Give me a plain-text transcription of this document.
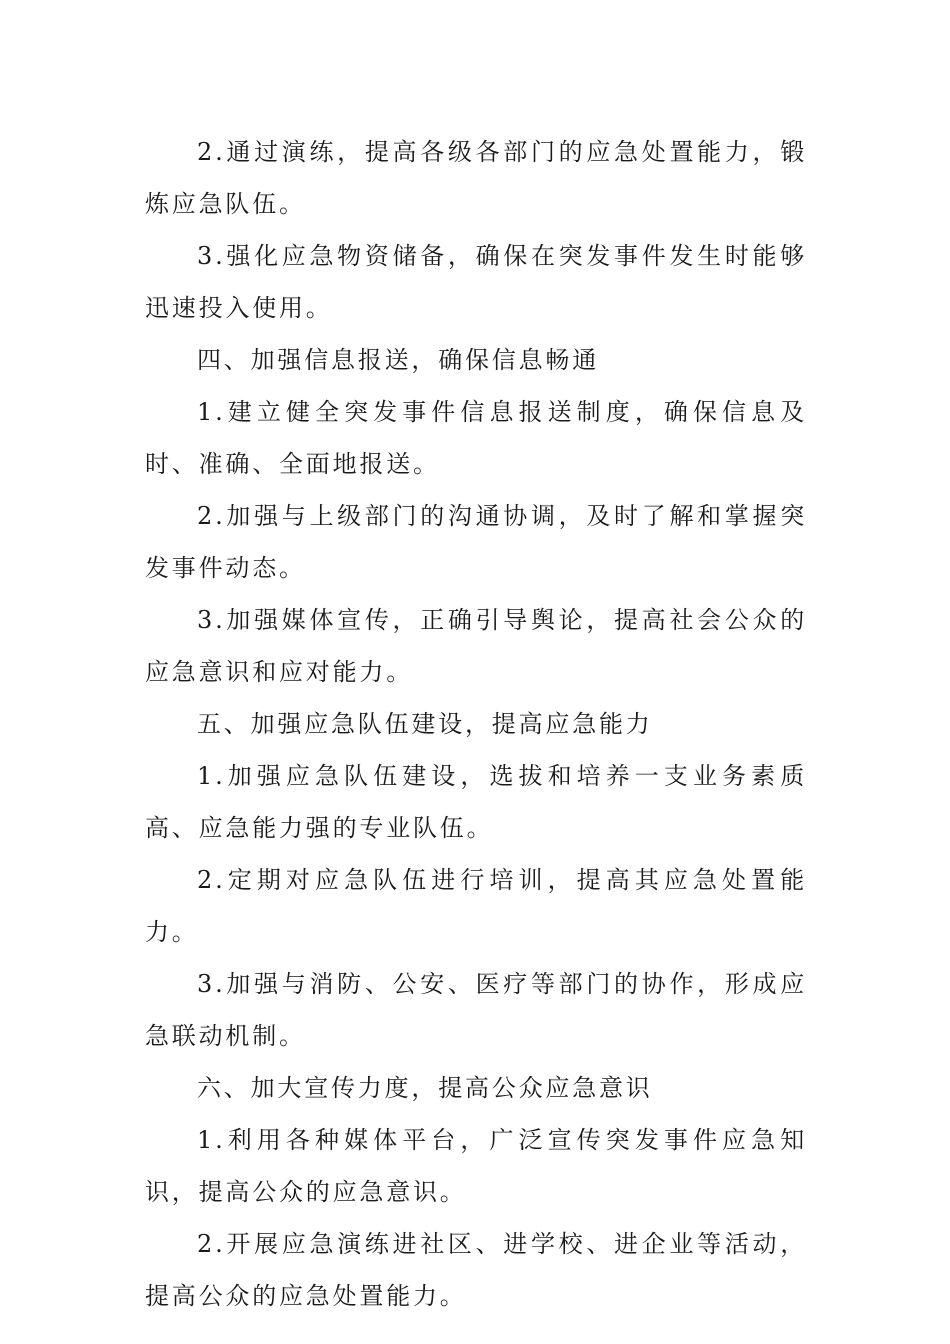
2.通过演练，提高各级各部门的应急处置能力，锻炼应急队伍。

3.强化应急物资储备，确保在突发事件发生时能够迅速投入使用。

四、加强信息报送，确保信息畅通

1.建立健全突发事件信息报送制度，确保信息及时、准确、全面地报送。

2.加强与上级部门的沟通协调，及时了解和掌握突发事件动态。

3.加强媒体宣传，正确引导舆论，提高社会公众的应急意识和应对能力。

五、加强应急队伍建设，提高应急能力

1.加强应急队伍建设，选拔和培养一支业务素质高、应急能力强的专业队伍。

2.定期对应急队伍进行培训，提高其应急处置能力。

3.加强与消防、公安、医疗等部门的协作，形成应急联动机制。

六、加大宣传力度，提高公众应急意识

1.利用各种媒体平台，广泛宣传突发事件应急知识，提高公众的应急意识。

2.开展应急演练进社区、进学校、进企业等活动，提高公众的应急处置能力。
